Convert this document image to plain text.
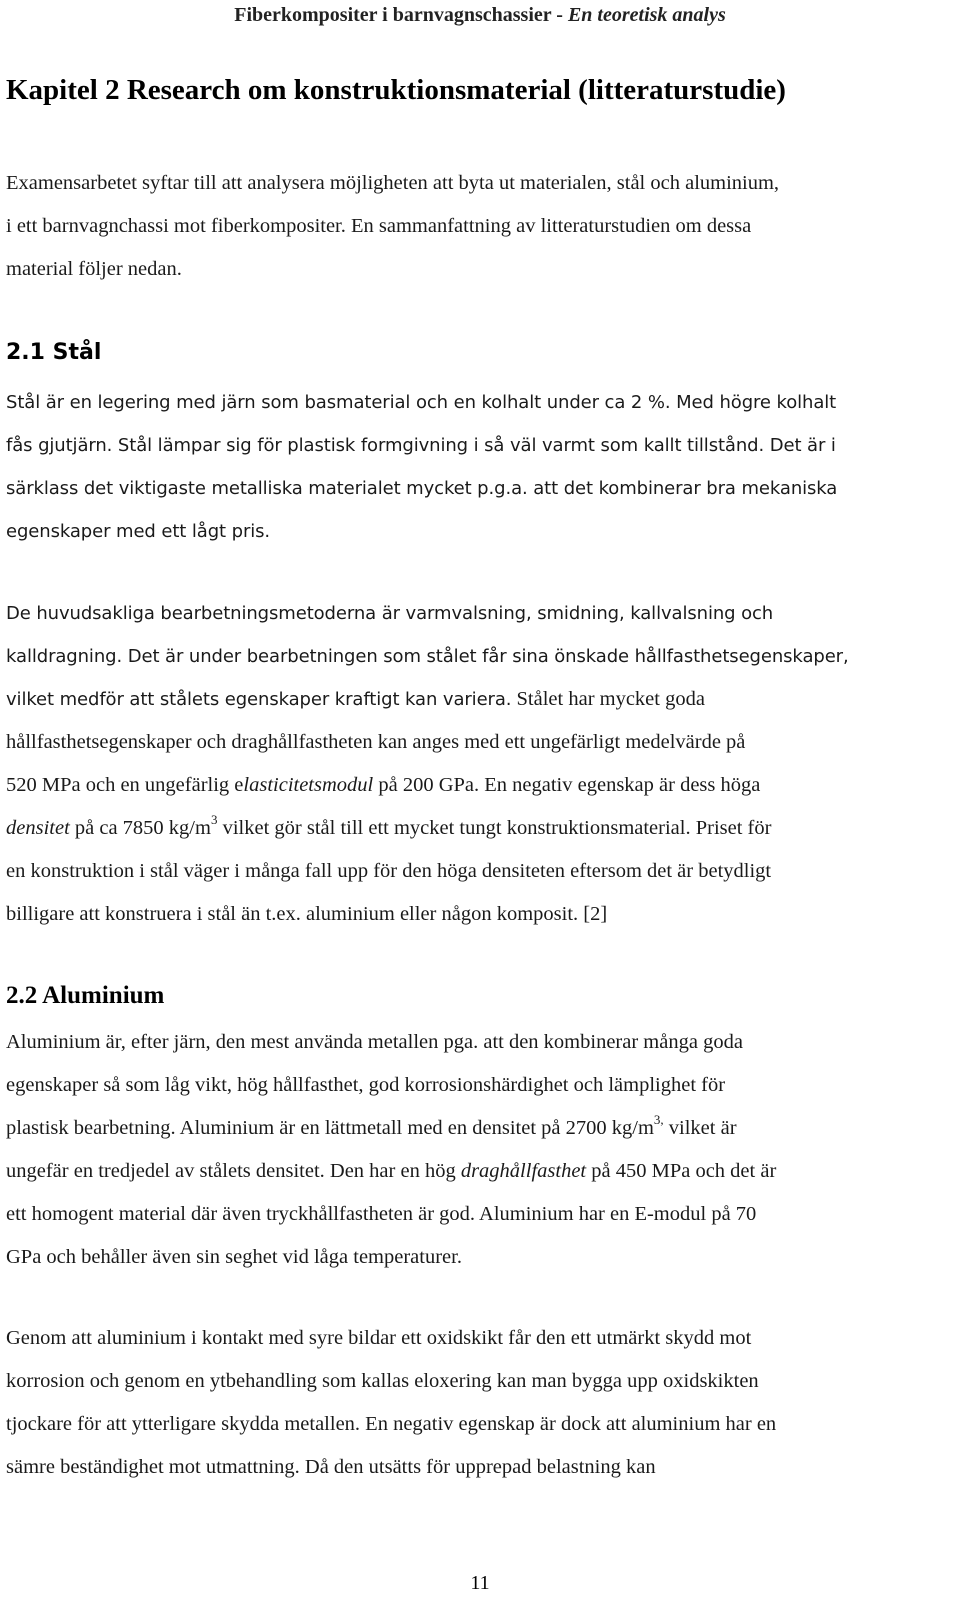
Fiberkompositer i barnvagnschassier - En teoretisk analys
Kapitel 2 Research om konstruktionsmaterial (litteraturstudie)
Examensarbetet syftar till att analysera möjligheten att byta ut materialen, stål och aluminium,
i ett barnvagnchassi mot fiberkompositer. En sammanfattning av litteraturstudien om dessa
material följer nedan.
2.1 Stål
Stål är en legering med järn som basmaterial och en kolhalt under ca 2 %. Med högre kolhalt
fås gjutjärn. Stål lämpar sig för plastisk formgivning i så väl varmt som kallt tillstånd. Det är i
särklass det viktigaste metalliska materialet mycket p.g.a. att det kombinerar bra mekaniska
egenskaper med ett lågt pris.
De huvudsakliga bearbetningsmetoderna är varmvalsning, smidning, kallvalsning och
kalldragning. Det är under bearbetningen som stålet får sina önskade hållfasthetsegenskaper,
vilket medför att stålets egenskaper kraftigt kan variera. Stålet har mycket goda
hållfasthetsegenskaper och draghållfastheten kan anges med ett ungefärligt medelvärde på
520 MPa och en ungefärlig elasticitetsmodul på 200 GPa. En negativ egenskap är dess höga
densitet på ca 7850 $kg/m^3$ vilket gör stål till ett mycket tungt konstruktionsmaterial. Priset för
en konstruktion i stål väger i många fall upp för den höga densiteten eftersom det är betydligt
billigare att konstruera i stål än t.ex. aluminium eller någon komposit. [2]
2.2 Aluminium
Aluminium är, efter järn, den mest använda metallen pga. att den kombinerar många goda
egenskaper så som låg vikt, hög hållfasthet, god korrosionshärdighet och lämplighet för
plastisk bearbetning. Aluminium är en lättmetall med en densitet på 2700 $kg/m^{3,}$ vilket är
ungefär en tredjedel av stålets densitet. Den har en hög draghållfasthet på 450 MPa och det är
ett homogent material där även tryckhållfastheten är god. Aluminium har en E-modul på 70
GPa och behåller även sin seghet vid låga temperaturer.
Genom att aluminium i kontakt med syre bildar ett oxidskikt får den ett utmärkt skydd mot
korrosion och genom en ytbehandling som kallas eloxering kan man bygga upp oxidskikten
tjockare för att ytterligare skydda metallen. En negativ egenskap är dock att aluminium har en
sämre beständighet mot utmattning. Då den utsätts för upprepad belastning kan
11
